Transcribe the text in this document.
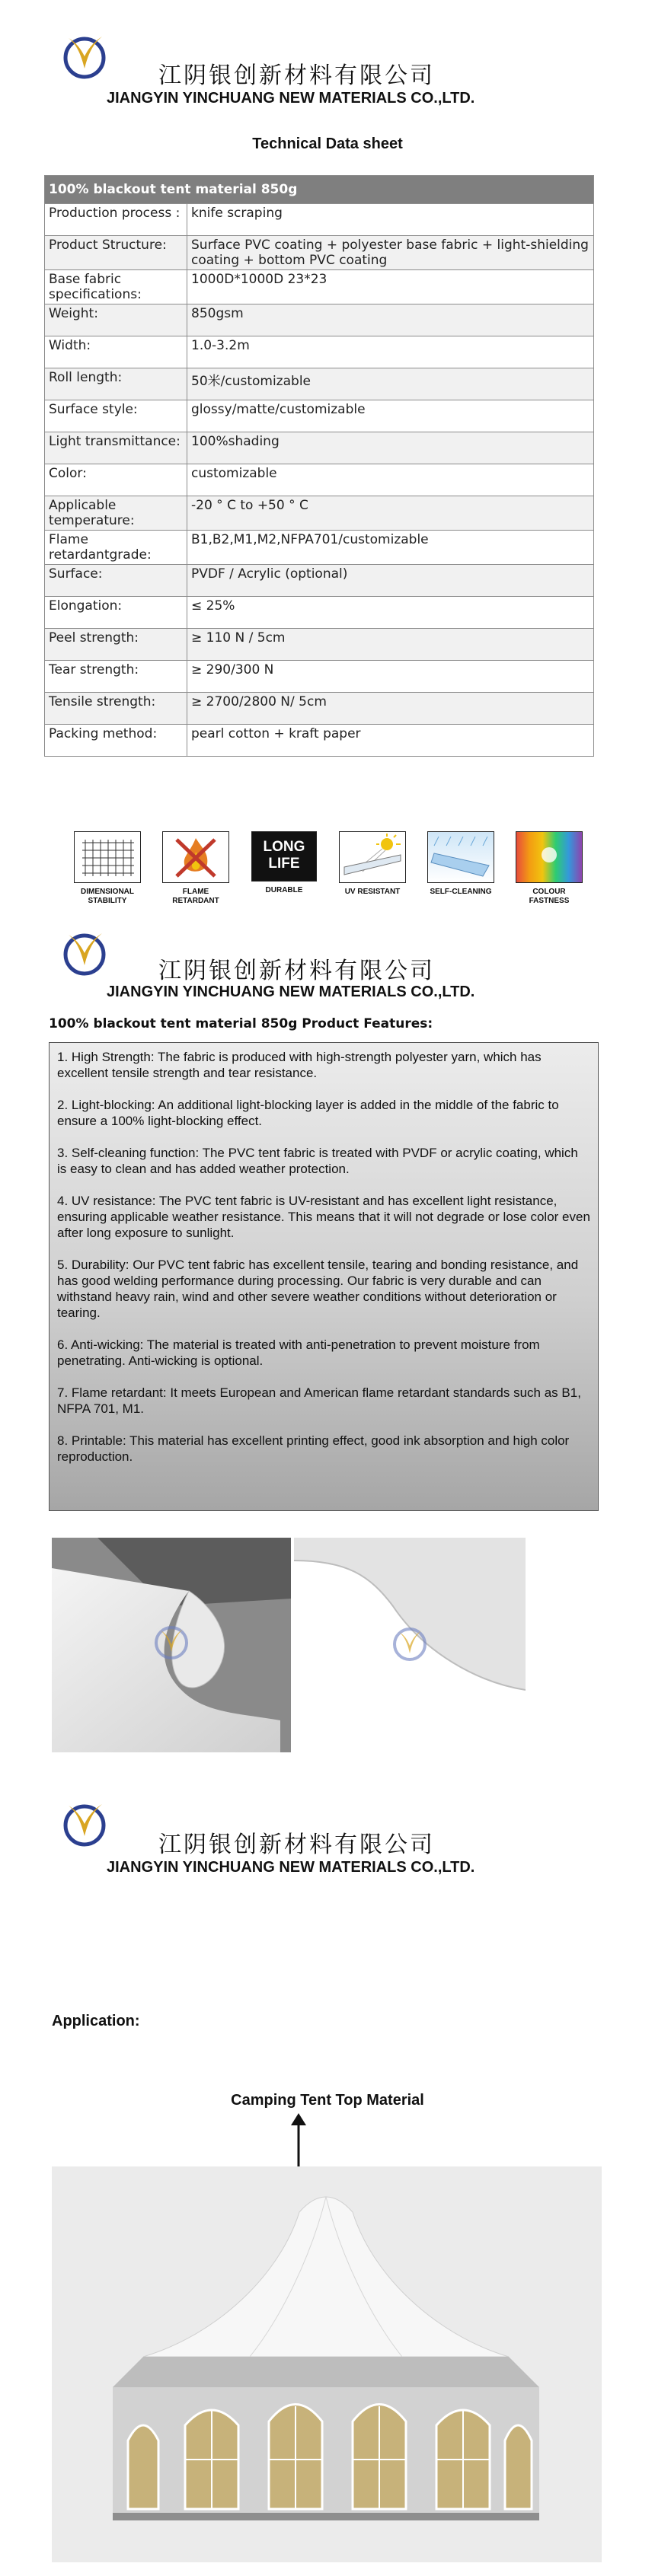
江阴银创新材料有限公司
JIANGYIN YINCHUANG NEW MATERIALS CO.,LTD.
Technical Data sheet
100% blackout tent material 850g	
Production process :	knife scraping
Product Structure:	Surface PVC coating + polyester base fabric + light-shielding coating + bottom PVC coating
Base fabric specifications:	1000D*1000D 23*23
Weight:	850gsm
Width:	1.0-3.2m
Roll length:	50米/customizable
Surface style:	glossy/matte/customizable
Light transmittance:	100%shading
Color:	customizable
Applicable temperature:	-20 ° C to +50 ° C
Flame retardantgrade:	B1,B2,M1,M2,NFPA701/customizable
Surface:	PVDF / Acrylic (optional)
Elongation:	≤ 25%
Peel strength:	≥ 110 N / 5cm
Tear strength:	≥ 290/300 N
Tensile strength:	≥ 2700/2800 N/ 5cm
Packing method:	pearl cotton + kraft paper
DIMENSIONAL STABILITY
FLAME RETARDANT
LONG LIFE
DURABLE	UV RESISTANT	SELF-CLEANING	COLOUR FASTNESS
江阴银创新材料有限公司
JIANGYIN YINCHUANG NEW MATERIALS CO.,LTD.
100% blackout tent material 850g Product Features:

1. High Strength: The fabric is produced with high-strength polyester yarn, which has excellent tensile strength and tear resistance.

2. Light-blocking: An additional light-blocking layer is added in the middle of the fabric to ensure a 100% light-blocking effect.

3. Self-cleaning function: The PVC tent fabric is treated with PVDF or acrylic coating, which is easy to clean and has added weather protection.

4. UV resistance: The PVC tent fabric is UV-resistant and has excellent light resistance, ensuring applicable weather resistance. This means that it will not degrade or lose color even after long exposure to sunlight.

5. Durability: Our PVC tent fabric has excellent tensile, tearing and bonding resistance, and has good welding performance during processing. Our fabric is very durable and can withstand heavy rain, wind and other severe weather conditions without deterioration or tearing.

6. Anti-wicking: The material is treated with anti-penetration to prevent moisture from penetrating. Anti-wicking is optional.

7. Flame retardant: It meets European and American flame retardant standards such as B1, NFPA 701, M1.

8. Printable: This material has excellent printing effect, good ink absorption and high color reproduction.

江阴银创新材料有限公司
JIANGYIN YINCHUANG NEW MATERIALS CO.,LTD.
Application:
Camping Tent Top Material
